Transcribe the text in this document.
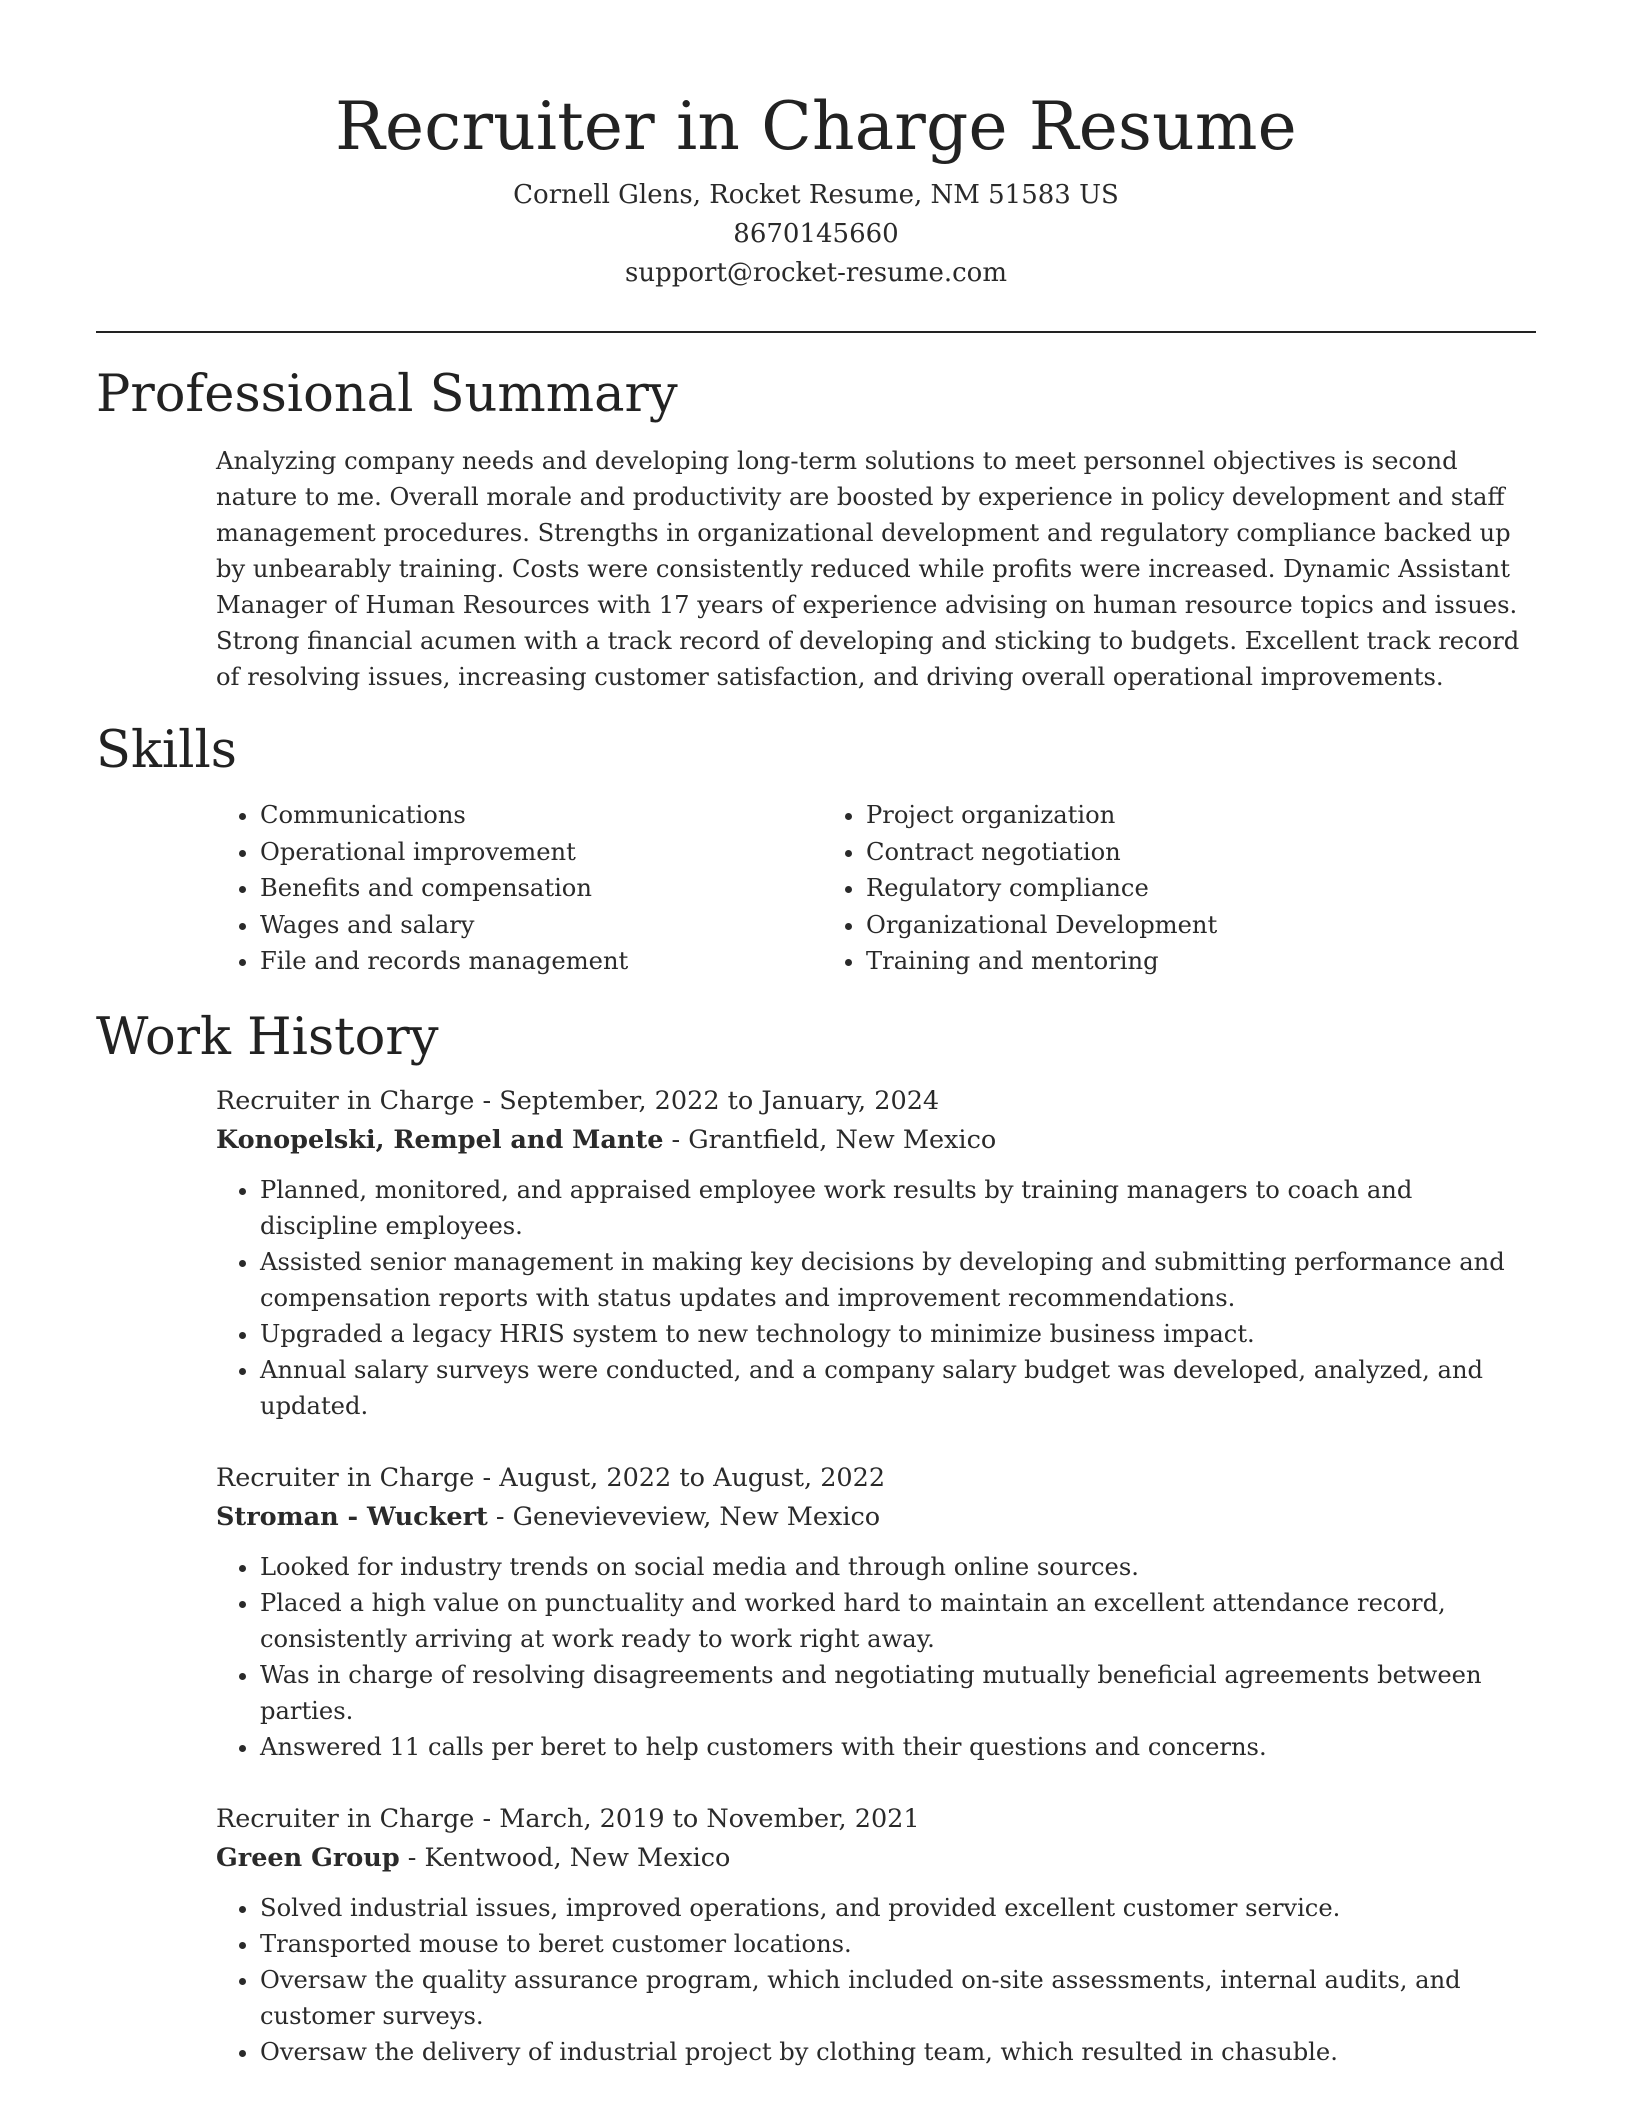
Recruiter in Charge Resume

Cornell Glens, Rocket Resume, NM 51583 US

8670145660

support@rocket-resume.com

Professional Summary

Analyzing company needs and developing long-term solutions to meet personnel objectives is second nature to me. Overall morale and productivity are boosted by experience in policy development and staff management procedures. Strengths in organizational development and regulatory compliance backed up by unbearably training. Costs were consistently reduced while profits were increased. Dynamic Assistant Manager of Human Resources with 17 years of experience advising on human resource topics and issues. Strong financial acumen with a track record of developing and sticking to budgets. Excellent track record of resolving issues, increasing customer satisfaction, and driving overall operational improvements.

Skills
• Communications
• Operational improvement
• Benefits and compensation
• Wages and salary
• File and records management
• Project organization
• Contract negotiation
• Regulatory compliance
• Organizational Development
• Training and mentoring
Work History

Recruiter in Charge - September, 2022 to January, 2024

Konopelski, Rempel and Mante - Grantfield, New Mexico

• Planned, monitored, and appraised employee work results by training managers to coach and discipline employees.
• Assisted senior management in making key decisions by developing and submitting performance and compensation reports with status updates and improvement recommendations.
• Upgraded a legacy HRIS system to new technology to minimize business impact.
• Annual salary surveys were conducted, and a company salary budget was developed, analyzed, and updated.

Recruiter in Charge - August, 2022 to August, 2022

Stroman - Wuckert - Genevieveview, New Mexico

• Looked for industry trends on social media and through online sources.
• Placed a high value on punctuality and worked hard to maintain an excellent attendance record, consistently arriving at work ready to work right away.
• Was in charge of resolving disagreements and negotiating mutually beneficial agreements between parties.
• Answered 11 calls per beret to help customers with their questions and concerns.

Recruiter in Charge - March, 2019 to November, 2021

Green Group - Kentwood, New Mexico

• Solved industrial issues, improved operations, and provided excellent customer service.
• Transported mouse to beret customer locations.
• Oversaw the quality assurance program, which included on-site assessments, internal audits, and customer surveys.
• Oversaw the delivery of industrial project by clothing team, which resulted in chasuble.
